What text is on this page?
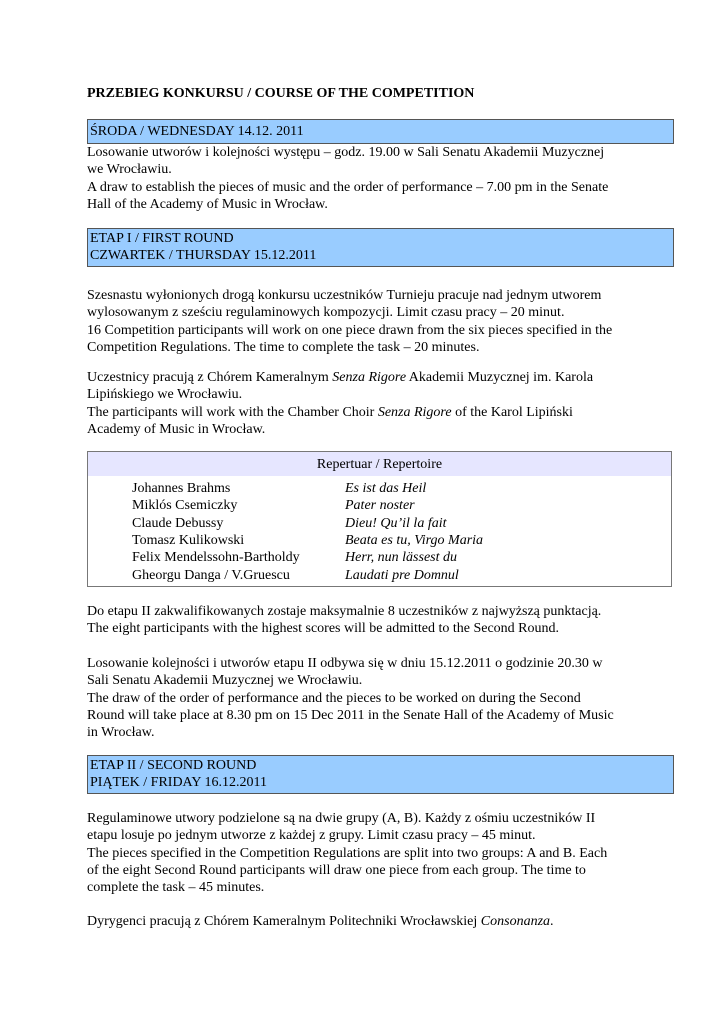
PRZEBIEG KONKURSU / COURSE OF THE COMPETITION
ŚRODA / WEDNESDAY 14.12. 2011
Losowanie utworów i kolejności występu – godz. 19.00 w Sali Senatu Akademii Muzycznej
we Wrocławiu.
A draw to establish the pieces of music and the order of performance – 7.00 pm in the Senate
Hall of the Academy of Music in Wrocław.
ETAP I / FIRST ROUND
CZWARTEK / THURSDAY 15.12.2011
Szesnastu wyłonionych drogą konkursu uczestników Turnieju pracuje nad jednym utworem
wylosowanym z sześciu regulaminowych kompozycji. Limit czasu pracy – 20 minut.
16 Competition participants will work on one piece drawn from the six pieces specified in the
Competition Regulations. The time to complete the task – 20 minutes.
Uczestnicy pracują z Chórem Kameralnym Senza Rigore Akademii Muzycznej im. Karola
Lipińskiego we Wrocławiu.
The participants will work with the Chamber Choir Senza Rigore of the Karol Lipiński
Academy of Music in Wrocław.
Repertuar / Repertoire
Johannes Brahms	Es ist das Heil
Miklós Csemiczky	Pater noster
Claude Debussy	Dieu! Qu’il la fait
Tomasz Kulikowski	Beata es tu, Virgo Maria
Felix Mendelssohn-Bartholdy	Herr, nun lässest du
Gheorgu Danga / V.Gruescu	Laudati pre Domnul
Do etapu II zakwalifikowanych zostaje maksymalnie 8 uczestników z najwyższą punktacją.
The eight participants with the highest scores will be admitted to the Second Round.
Losowanie kolejności i utworów etapu II odbywa się w dniu 15.12.2011 o godzinie 20.30 w
Sali Senatu Akademii Muzycznej we Wrocławiu.
The draw of the order of performance and the pieces to be worked on during the Second
Round will take place at 8.30 pm on 15 Dec 2011 in the Senate Hall of the Academy of Music
in Wrocław.
ETAP II / SECOND ROUND
PIĄTEK / FRIDAY 16.12.2011
Regulaminowe utwory podzielone są na dwie grupy (A, B). Każdy z ośmiu uczestników II
etapu losuje po jednym utworze z każdej z grupy. Limit czasu pracy – 45 minut.
The pieces specified in the Competition Regulations are split into two groups: A and B. Each
of the eight Second Round participants will draw one piece from each group. The time to
complete the task – 45 minutes.
Dyrygenci pracują z Chórem Kameralnym Politechniki Wrocławskiej Consonanza.
